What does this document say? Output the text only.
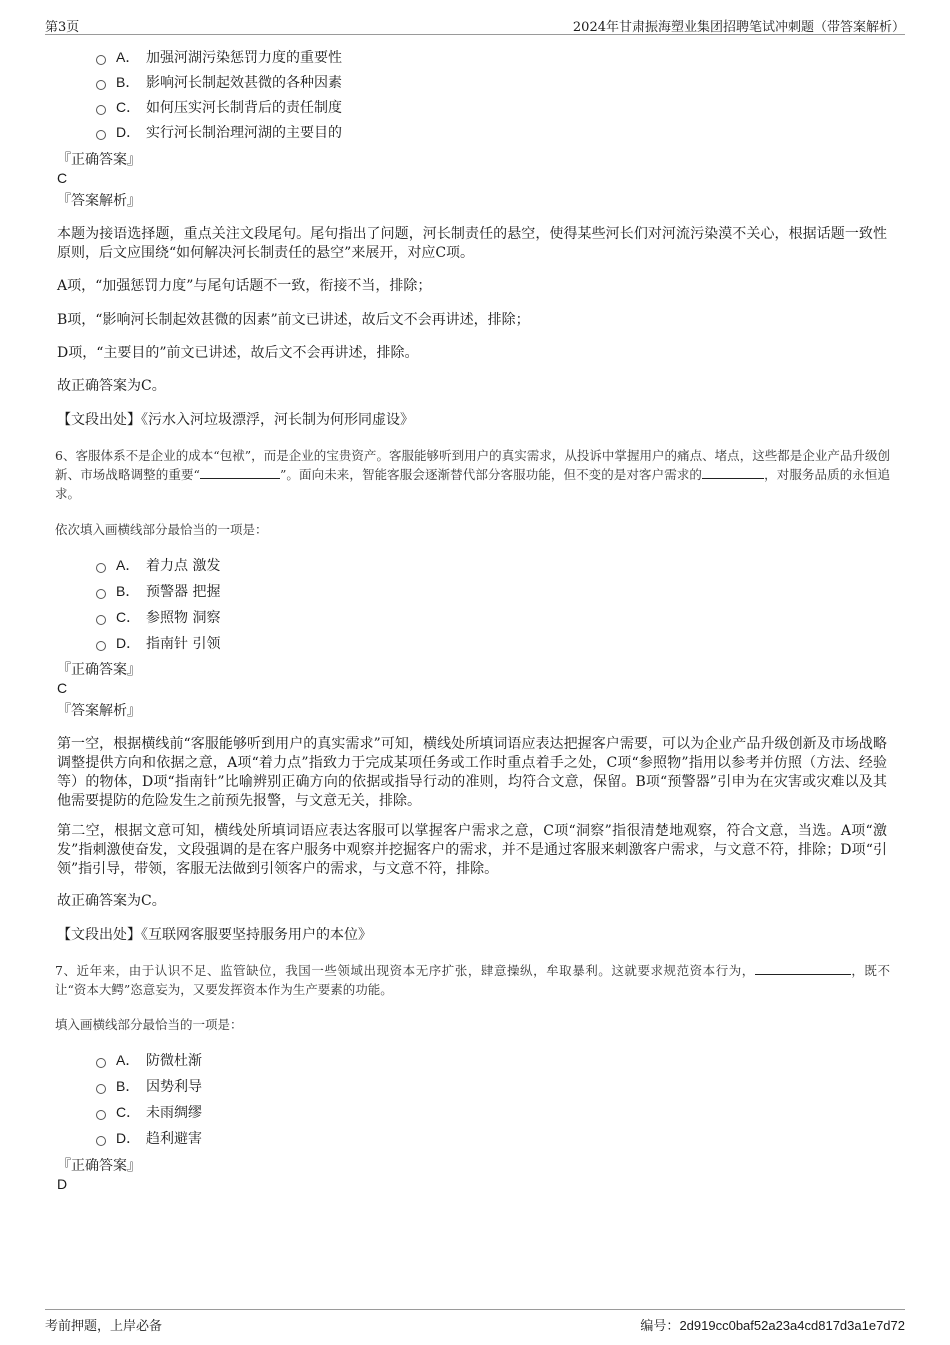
第3页	2024年甘肃振海塑业集团招聘笔试冲刺题（带答案解析）
A． 加强河湖污染惩罚力度的重要性
B． 影响河长制起效甚微的各种因素
C． 如何压实河长制背后的责任制度
D． 实行河长制治理河湖的主要目的
『正确答案』
C
『答案解析』
本题为接语选择题，重点关注文段尾句。尾句指出了问题，河长制责任的悬空，使得某些河长们对河流污染漠不关心，根据话题一致性原则，后文应围绕“如何解决河长制责任的悬空”来展开，对应C项。
A项，“加强惩罚力度”与尾句话题不一致，衔接不当，排除；
B项，“影响河长制起效甚微的因素”前文已讲述，故后文不会再讲述，排除；
D项，“主要目的”前文已讲述，故后文不会再讲述，排除。
故正确答案为C。
【文段出处】《污水入河垃圾漂浮，河长制为何形同虚设》
6、客服体系不是企业的成本“包袱”，而是企业的宝贵资产。客服能够听到用户的真实需求，从投诉中掌握用户的痛点、堵点，这些都是企业产品升级创新、市场战略调整的重要“	”。面向未来，智能客服会逐渐替代部分客服功能，但不变的是对客户需求的	，对服务品质的永恒追求。
依次填入画横线部分最恰当的一项是：
A． 着力点 激发
B． 预警器 把握
C． 参照物 洞察
D． 指南针 引领
『正确答案』
C
『答案解析』
第一空，根据横线前“客服能够听到用户的真实需求”可知，横线处所填词语应表达把握客户需要，可以为企业产品升级创新及市场战略调整提供方向和依据之意，A项“着力点”指致力于完成某项任务或工作时重点着手之处，C项“参照物”指用以参考并仿照（方法、经验等）的物体，D项“指南针”比喻辨别正确方向的依据或指导行动的准则，均符合文意，保留。B项“预警器”引申为在灾害或灾难以及其他需要提防的危险发生之前预先报警，与文意无关，排除。
第二空，根据文意可知，横线处所填词语应表达客服可以掌握客户需求之意，C项“洞察”指很清楚地观察，符合文意，当选。A项“激发”指刺激使奋发，文段强调的是在客户服务中观察并挖掘客户的需求，并不是通过客服来刺激客户需求，与文意不符，排除；D项“引领”指引导，带领，客服无法做到引领客户的需求，与文意不符，排除。
故正确答案为C。
【文段出处】《互联网客服要坚持服务用户的本位》
7、近年来，由于认识不足、监管缺位，我国一些领域出现资本无序扩张，肆意操纵，牟取暴利。这就要求规范资本行为，	，既不让“资本大鳄”恣意妄为，又要发挥资本作为生产要素的功能。
填入画横线部分最恰当的一项是：
A． 防微杜渐
B． 因势利导
C． 未雨绸缪
D． 趋利避害
『正确答案』
D
考前押题，上岸必备	编号：2d919cc0baf52a23a4cd817d3a1e7d72
